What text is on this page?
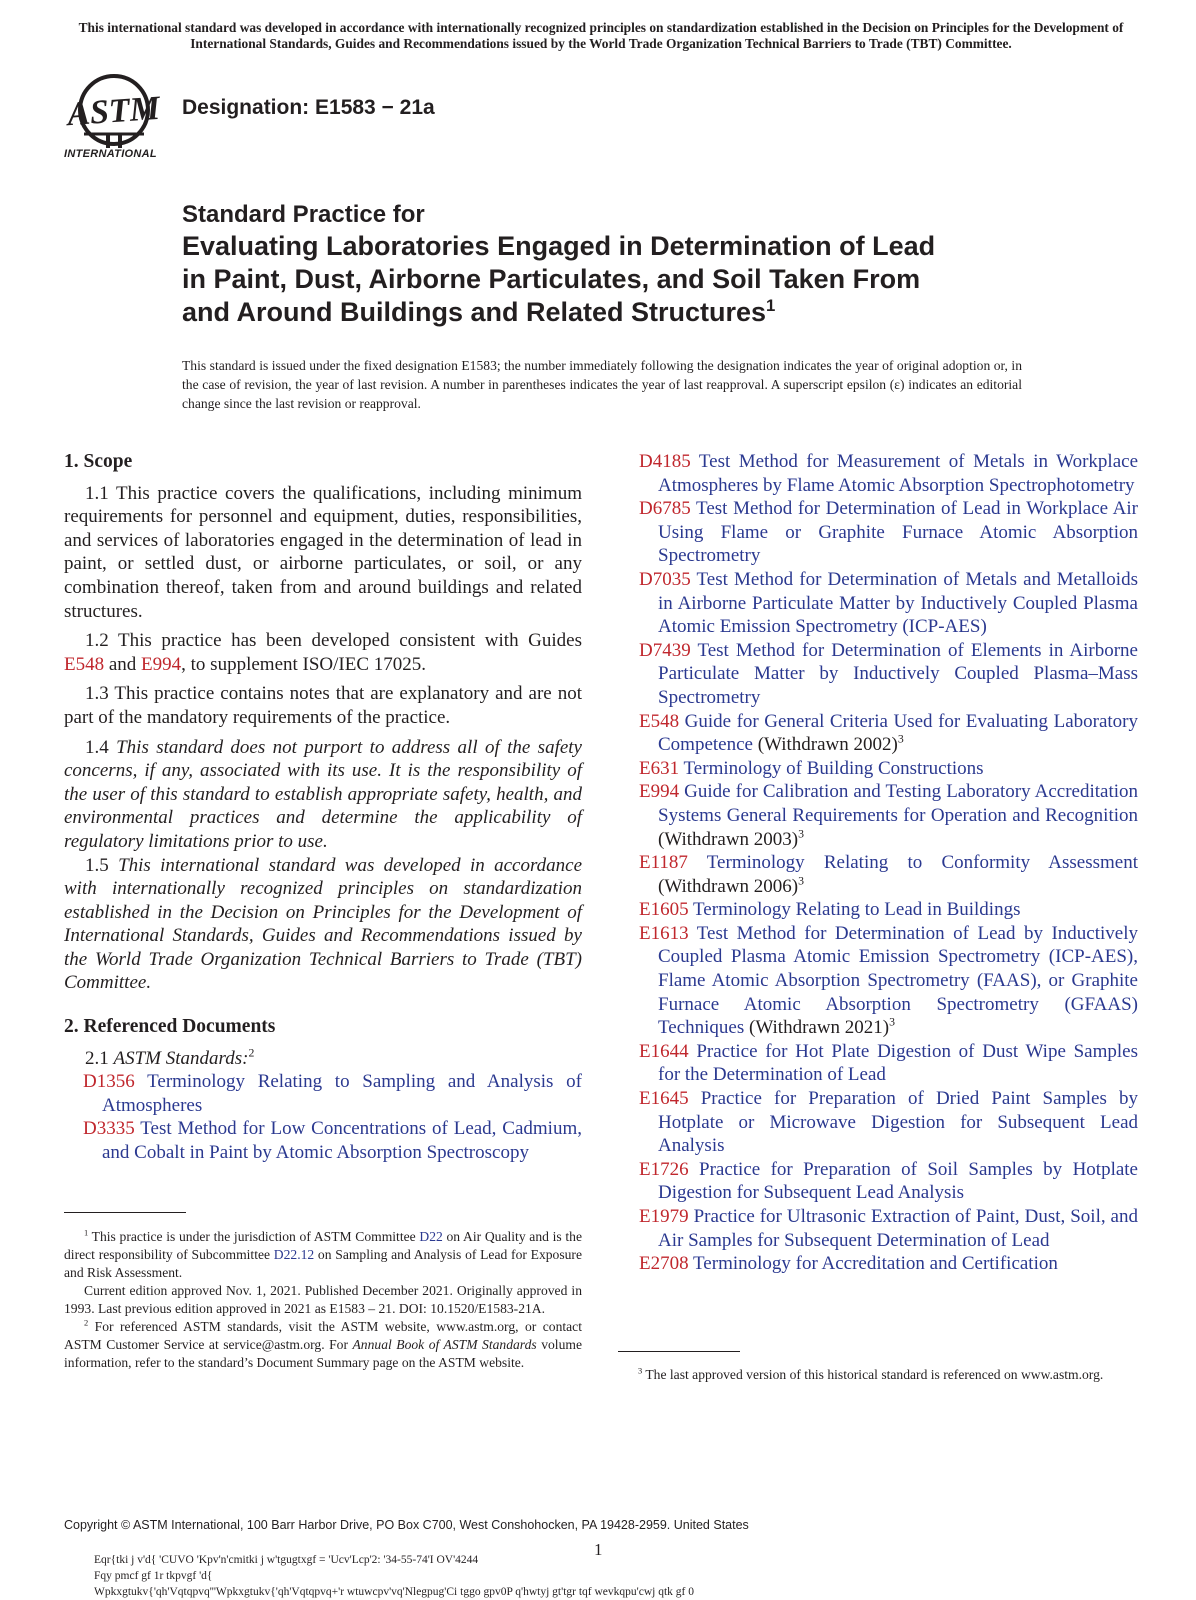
This international standard was developed in accordance with internationally recognized principles on standardization established in the Decision on Principles for the Development of International Standards, Guides and Recommendations issued by the World Trade Organization Technical Barriers to Trade (TBT) Committee.
ASTM
INTERNATIONAL
Designation: E1583 − 21a
Standard Practice for
Evaluating Laboratories Engaged in Determination of Lead
in Paint, Dust, Airborne Particulates, and Soil Taken From
and Around Buildings and Related Structures$^1$
This standard is issued under the fixed designation E1583; the number immediately following the designation indicates the year of original adoption or, in the case of revision, the year of last revision. A number in parentheses indicates the year of last reapproval. A superscript epsilon (ε) indicates an editorial change since the last revision or reapproval.
1. Scope

1.1 This practice covers the qualifications, including minimum requirements for personnel and equipment, duties, responsibilities, and services of laboratories engaged in the determination of lead in paint, or settled dust, or airborne particulates, or soil, or any combination thereof, taken from and around buildings and related structures.

1.2 This practice has been developed consistent with Guides E548 and E994, to supplement ISO/IEC 17025.

1.3 This practice contains notes that are explanatory and are not part of the mandatory requirements of the practice.

1.4 This standard does not purport to address all of the safety concerns, if any, associated with its use. It is the responsibility of the user of this standard to establish appropriate safety, health, and environmental practices and determine the applicability of regulatory limitations prior to use.

1.5 This international standard was developed in accordance with internationally recognized principles on standardization established in the Decision on Principles for the Development of International Standards, Guides and Recommendations issued by the World Trade Organization Technical Barriers to Trade (TBT) Committee.

2. Referenced Documents

2.1 ASTM Standards:$^2$

D1356 Terminology Relating to Sampling and Analysis of Atmospheres

D3335 Test Method for Low Concentrations of Lead, Cadmium, and Cobalt in Paint by Atomic Absorption Spectroscopy

D4185 Test Method for Measurement of Metals in Workplace Atmospheres by Flame Atomic Absorption Spectrophotometry

D6785 Test Method for Determination of Lead in Workplace Air Using Flame or Graphite Furnace Atomic Absorption Spectrometry

D7035 Test Method for Determination of Metals and Metalloids in Airborne Particulate Matter by Inductively Coupled Plasma Atomic Emission Spectrometry (ICP-AES)

D7439 Test Method for Determination of Elements in Airborne Particulate Matter by Inductively Coupled Plasma–Mass Spectrometry

E548 Guide for General Criteria Used for Evaluating Laboratory Competence (Withdrawn 2002)$^3$

E631 Terminology of Building Constructions

E994 Guide for Calibration and Testing Laboratory Accreditation Systems General Requirements for Operation and Recognition (Withdrawn 2003)$^3$

E1187 Terminology Relating to Conformity Assessment (Withdrawn 2006)$^3$

E1605 Terminology Relating to Lead in Buildings

E1613 Test Method for Determination of Lead by Inductively Coupled Plasma Atomic Emission Spectrometry (ICP-AES), Flame Atomic Absorption Spectrometry (FAAS), or Graphite Furnace Atomic Absorption Spectrometry (GFAAS) Techniques (Withdrawn 2021)$^3$

E1644 Practice for Hot Plate Digestion of Dust Wipe Samples for the Determination of Lead

E1645 Practice for Preparation of Dried Paint Samples by Hotplate or Microwave Digestion for Subsequent Lead Analysis

E1726 Practice for Preparation of Soil Samples by Hotplate Digestion for Subsequent Lead Analysis

E1979 Practice for Ultrasonic Extraction of Paint, Dust, Soil, and Air Samples for Subsequent Determination of Lead

E2708 Terminology for Accreditation and Certification

$^1$ This practice is under the jurisdiction of ASTM Committee D22 on Air Quality and is the direct responsibility of Subcommittee D22.12 on Sampling and Analysis of Lead for Exposure and Risk Assessment.

Current edition approved Nov. 1, 2021. Published December 2021. Originally approved in 1993. Last previous edition approved in 2021 as E1583 – 21. DOI: 10.1520/E1583-21A.

$^2$ For referenced ASTM standards, visit the ASTM website, www.astm.org, or contact ASTM Customer Service at service@astm.org. For Annual Book of ASTM Standards volume information, refer to the standard’s Document Summary page on the ASTM website.

$^3$ The last approved version of this historical standard is referenced on www.astm.org.

Copyright © ASTM International, 100 Barr Harbor Drive, PO Box C700, West Conshohocken, PA 19428-2959. United States
1
Eqr{tki j v'd{ 'CUVO 'Kpv'n'cmitki j w'tgugtxgf = 'Ucv'Lcp'2: '34-55-74'I OV'4244
Fqy pmcf gf 1r tkpvgf 'd{
Wpkxgtukv{'qh'Vqtqpvq'''Wpkxgtukv{'qh'Vqtqpvq+'r wtuwcpv'vq'Nlegpug'Ci tggo gpv0P q'hwtyj gt'tgr tqf wevkqpu'cwj qtk gf 0
